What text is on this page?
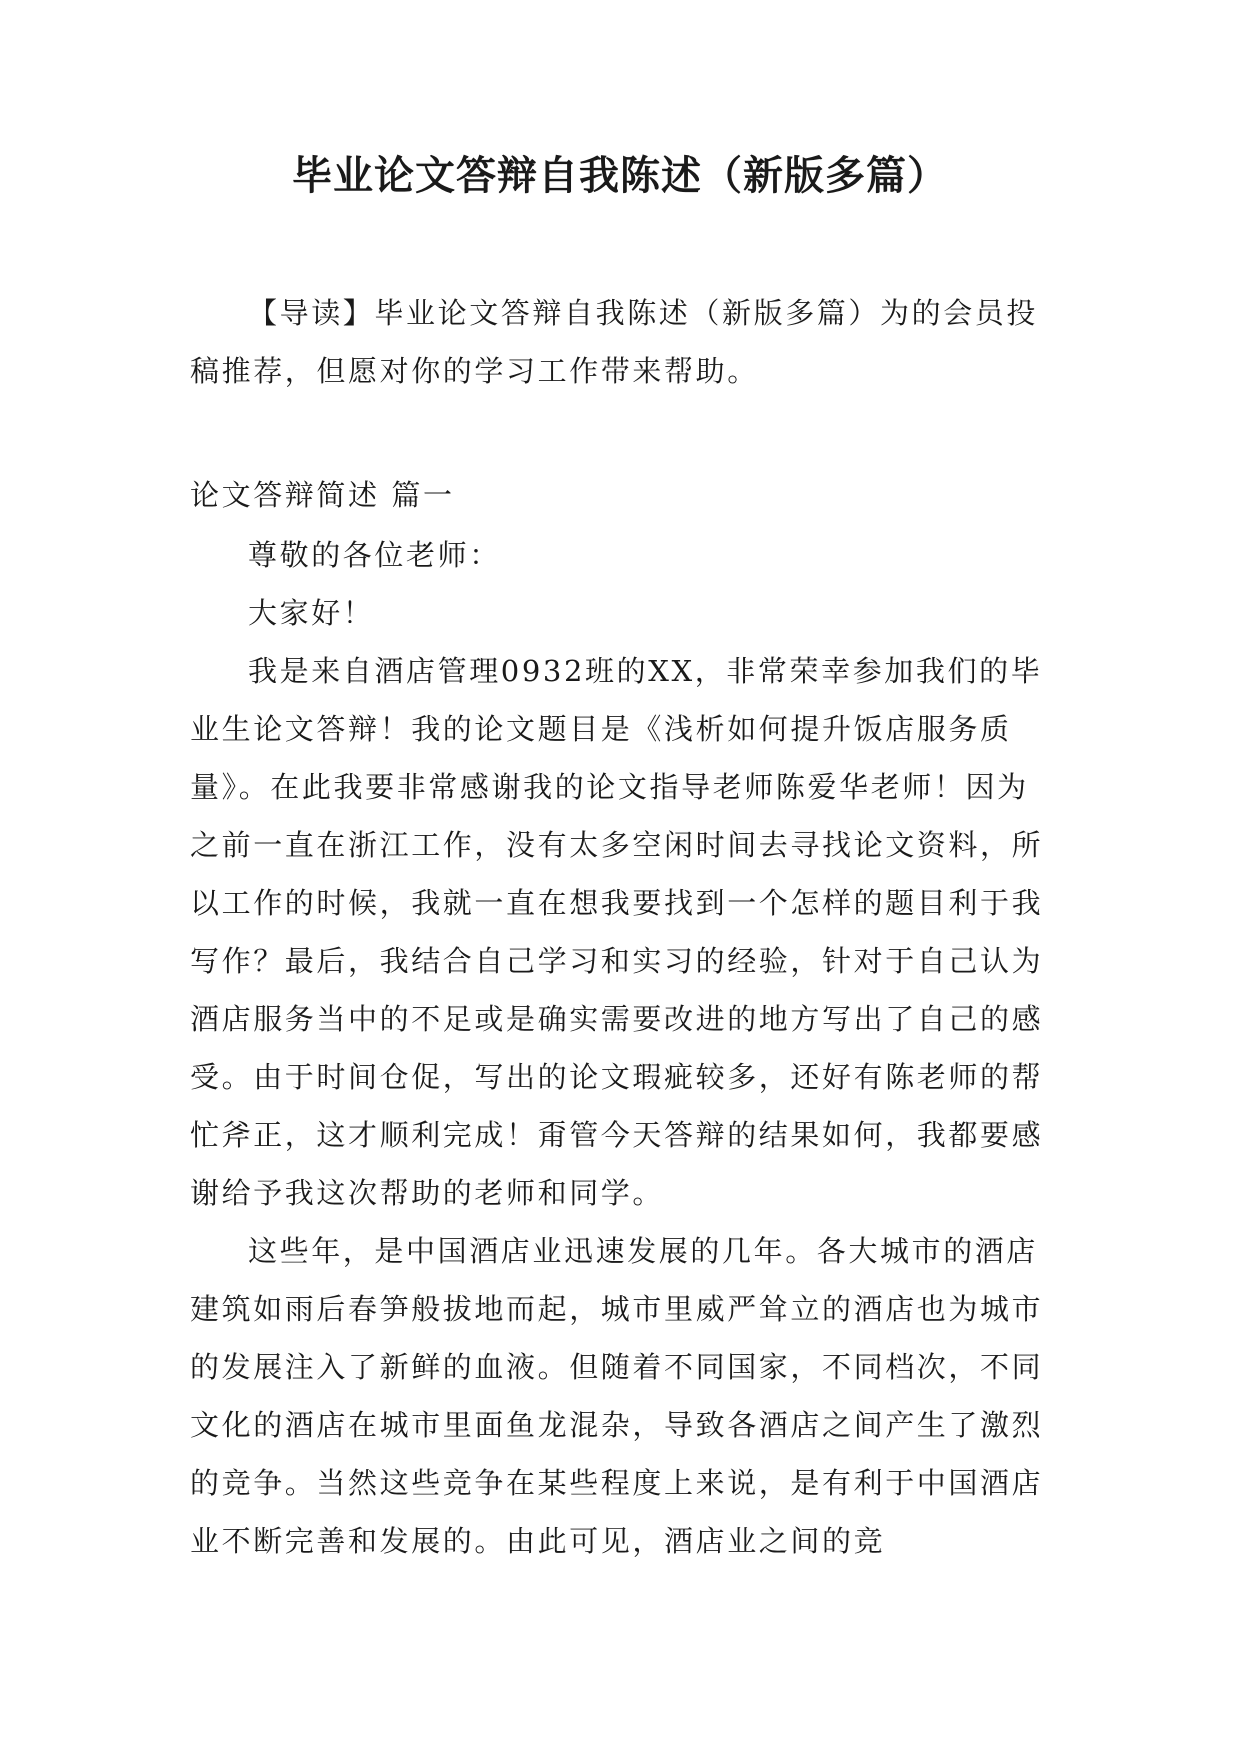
毕业论文答辩自我陈述（新版多篇）

【导读】毕业论文答辩自我陈述（新版多篇）为的会员投稿推荐，但愿对你的学习工作带来帮助。

论文答辩简述 篇一

尊敬的各位老师：

大家好！

我是来自酒店管理0932班的XX，非常荣幸参加我们的毕业生论文答辩！我的论文题目是《浅析如何提升饭店服务质量》。在此我要非常感谢我的论文指导老师陈爱华老师！因为之前一直在浙江工作，没有太多空闲时间去寻找论文资料，所以工作的时候，我就一直在想我要找到一个怎样的题目利于我写作？最后，我结合自己学习和实习的经验，针对于自己认为酒店服务当中的不足或是确实需要改进的地方写出了自己的感受。由于时间仓促，写出的论文瑕疵较多，还好有陈老师的帮忙斧正，这才顺利完成！甭管今天答辩的结果如何，我都要感谢给予我这次帮助的老师和同学。

这些年，是中国酒店业迅速发展的几年。各大城市的酒店建筑如雨后春笋般拔地而起，城市里威严耸立的酒店也为城市的发展注入了新鲜的血液。但随着不同国家，不同档次，不同文化的酒店在城市里面鱼龙混杂，导致各酒店之间产生了激烈的竞争。当然这些竞争在某些程度上来说，是有利于中国酒店业不断完善和发展的。由此可见，酒店业之间的竞
